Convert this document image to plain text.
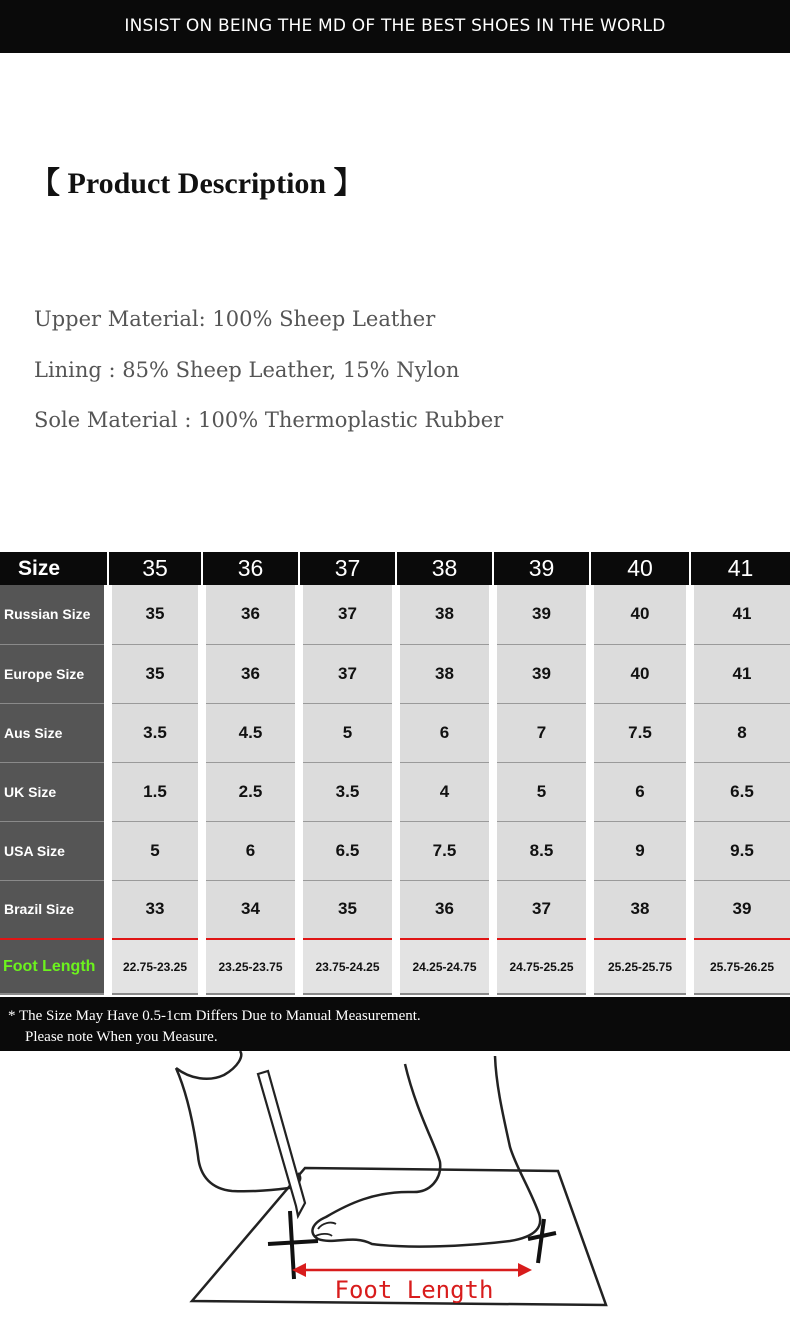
INSIST ON BEING THE MD OF THE BEST SHOES IN THE WORLD
【 Product Description 】
Upper Material: 100% Sheep Leather
Lining : 85% Sheep Leather, 15% Nylon
Sole Material : 100% Thermoplastic Rubber
Size	35	36	37	38	39	40	41
Russian Size	35	36	37	38	39	40	41
Europe Size	35	36	37	38	39	40	41
Aus Size	3.5	4.5	5	6	7	7.5	8
UK Size	1.5	2.5	3.5	4	5	6	6.5
USA Size	5	6	6.5	7.5	8.5	9	9.5
Brazil Size	33	34	35	36	37	38	39
Foot Length	22.75-23.25	23.25-23.75	23.75-24.25	24.25-24.75	24.75-25.25	25.25-25.75	25.75-26.25
* The Size May Have 0.5-1cm Differs Due to Manual Measurement.
Please note When you Measure.
Foot Length
